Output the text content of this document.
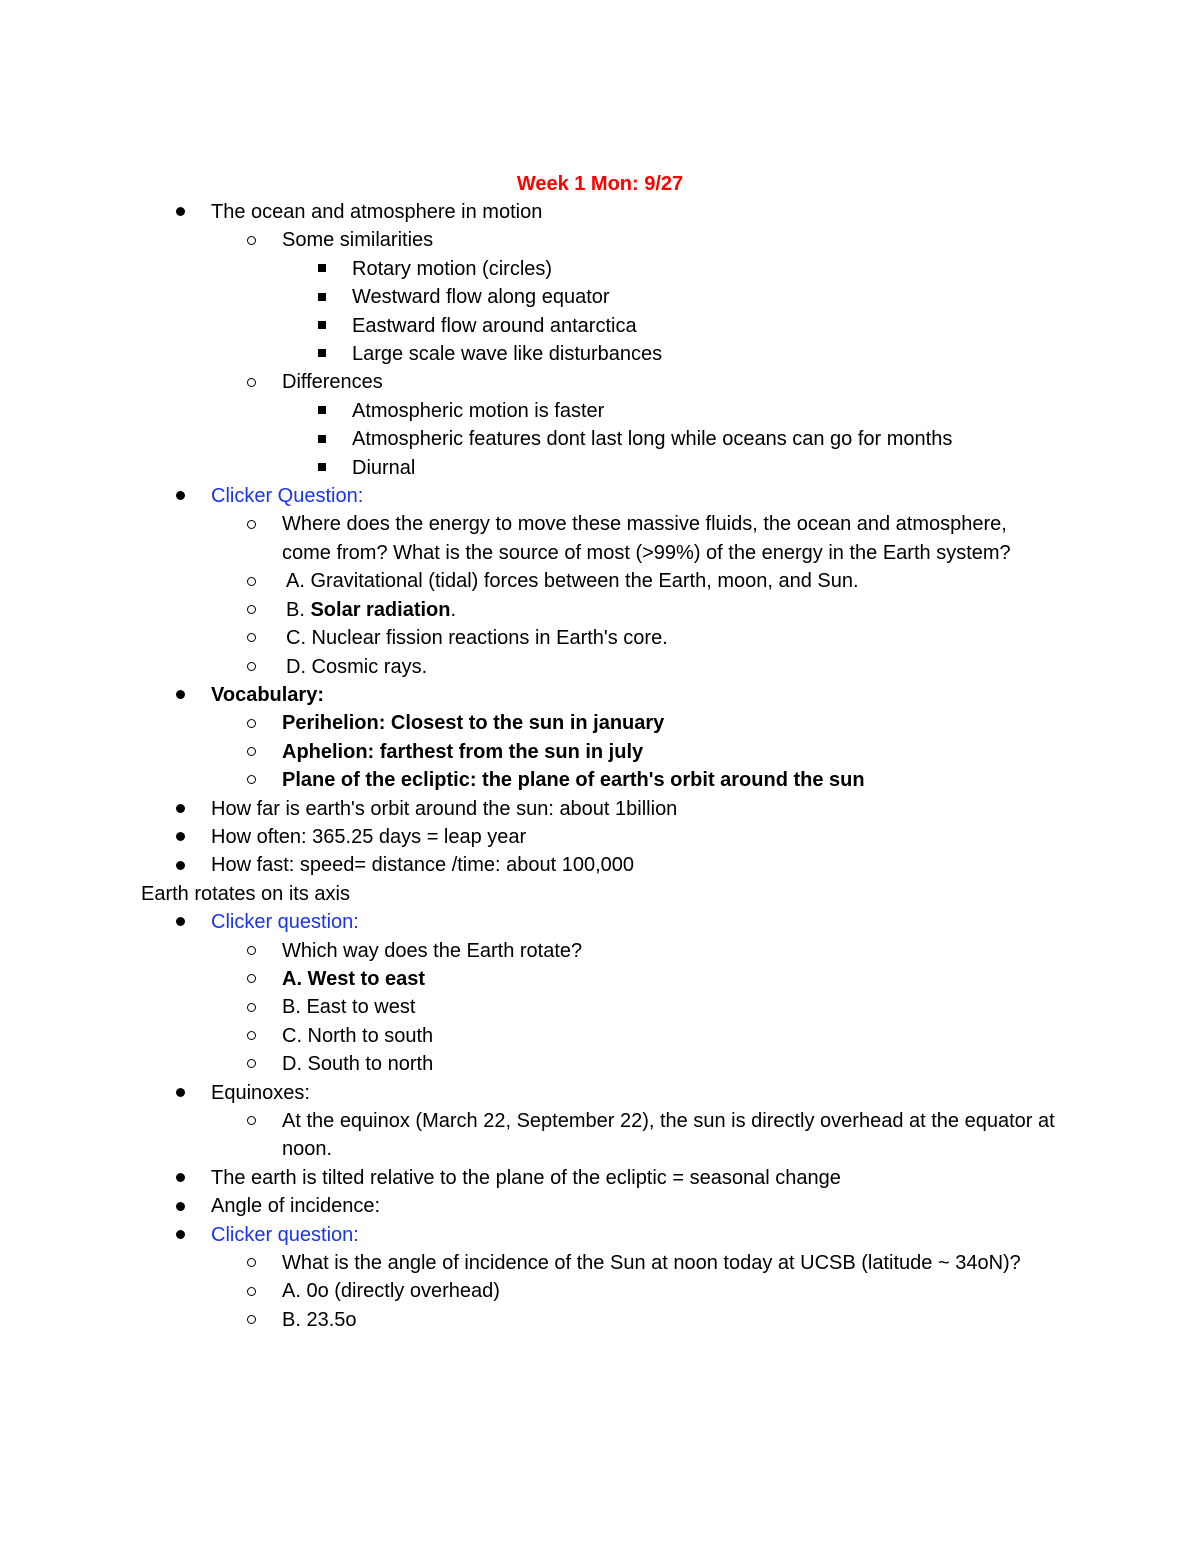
Week 1 Mon: 9/27
The ocean and atmosphere in motion
Some similarities
Rotary motion (circles)
Westward flow along equator
Eastward flow around antarctica
Large scale wave like disturbances
Differences
Atmospheric motion is faster
Atmospheric features dont last long while oceans can go for months
Diurnal
Clicker Question:
Where does the energy to move these massive fluids, the ocean and atmosphere, come from? What is the source of most (>99%) of the energy in the Earth system?
A. Gravitational (tidal) forces between the Earth, moon, and Sun.
B. Solar radiation.
C. Nuclear fission reactions in Earth's core.
D. Cosmic rays.
Vocabulary:
Perihelion: Closest to the sun in january
Aphelion: farthest from the sun in july
Plane of the ecliptic: the plane of earth's orbit around the sun
How far is earth's orbit around the sun: about 1billion
How often: 365.25 days = leap year
How fast: speed= distance /time: about 100,000
Earth rotates on its axis
Clicker question:
Which way does the Earth rotate?
A. West to east
B. East to west
C. North to south
D. South to north
Equinoxes:
At the equinox (March 22, September 22), the sun is directly overhead at the equator at noon.
The earth is tilted relative to the plane of the ecliptic = seasonal change
Angle of incidence:
Clicker question:
What is the angle of incidence of the Sun at noon today at UCSB (latitude ~ 34oN)?
A. 0o (directly overhead)
B. 23.5o
